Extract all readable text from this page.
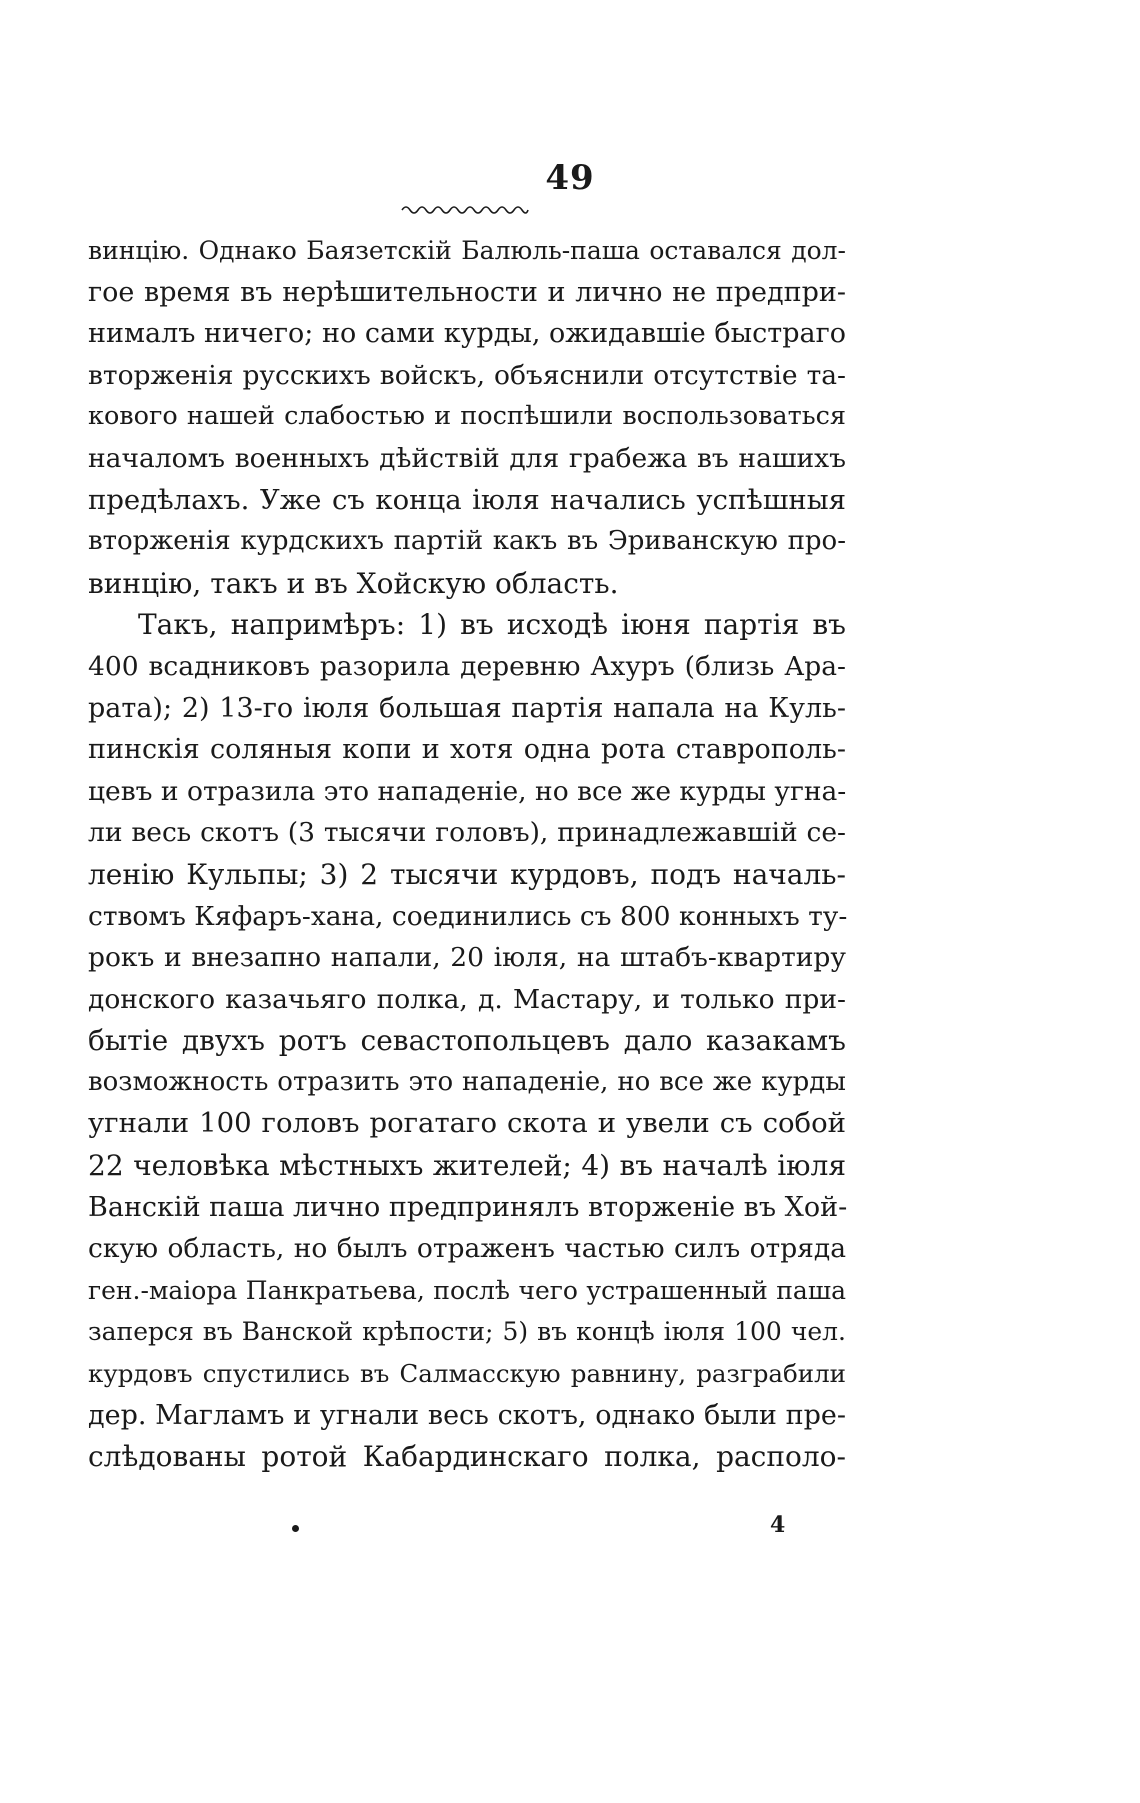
49
винцію. Однако Баязетскій Балюль-паша оставался дол-
гое время въ нерѣшительности и лично не предпри-
нималъ ничего; но сами курды, ожидавшіе быстраго
вторженія русскихъ войскъ, объяснили отсутствіе та-
кового нашей слабостью и поспѣшили воспользоваться
началомъ военныхъ дѣйствій для грабежа въ нашихъ
предѣлахъ. Уже съ конца іюля начались успѣшныя
вторженія курдскихъ партій какъ въ Эриванскую про-
винцію, такъ и въ Хойскую область.
Такъ, напримѣръ: 1) въ исходѣ іюня партія въ
400 всадниковъ разорила деревню Ахуръ (близь Ара-
рата); 2) 13-го іюля большая партія напала на Куль-
пинскія соляныя копи и хотя одна рота ставрополь-
цевъ и отразила это нападеніе, но все же курды угна-
ли весь скотъ (3 тысячи головъ), принадлежавшій се-
ленію Кульпы; 3) 2 тысячи курдовъ, подъ началь-
ствомъ Кяфаръ-хана, соединились съ 800 конныхъ ту-
рокъ и внезапно напали, 20 іюля, на штабъ-квартиру
донского казачьяго полка, д. Мастару, и только при-
бытіе двухъ ротъ севастопольцевъ дало казакамъ
возможность отразить это нападеніе, но все же курды
угнали 100 головъ рогатаго скота и увели съ собой
22 человѣка мѣстныхъ жителей; 4) въ началѣ іюля
Ванскій паша лично предпринялъ вторженіе въ Хой-
скую область, но былъ отраженъ частью силъ отряда
ген.-маіора Панкратьева, послѣ чего устрашенный паша
заперся въ Ванской крѣпости; 5) въ концѣ іюля 100 чел.
курдовъ спустились въ Салмасскую равнину, разграбили
дер. Магламъ и угнали весь скотъ, однако были пре-
слѣдованы ротой Кабардинскаго полка, располо-
4
